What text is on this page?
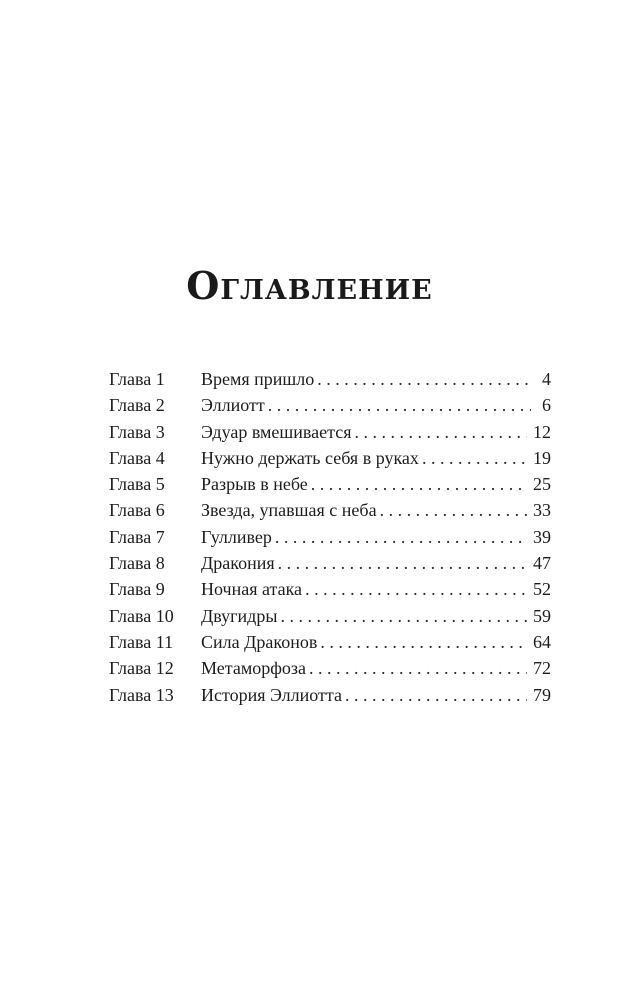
Оглавление
Глава 1	Время пришло . . .	4
Глава 2	Эллиотт . . .	6
Глава 3	Эдуар вмешивается . . .	12
Глава 4	Нужно держать себя в руках . . .	19
Глава 5	Разрыв в небе . . .	25
Глава 6	Звезда, упавшая с неба . . .	33
Глава 7	Гулливер . . .	39
Глава 8	Дракония . . .	47
Глава 9	Ночная атака . . .	52
Глава 10	Двугидры . . .	59
Глава 11	Сила Драконов . . .	64
Глава 12	Метаморфоза . . .	72
Глава 13	История Эллиотта . . .	79
